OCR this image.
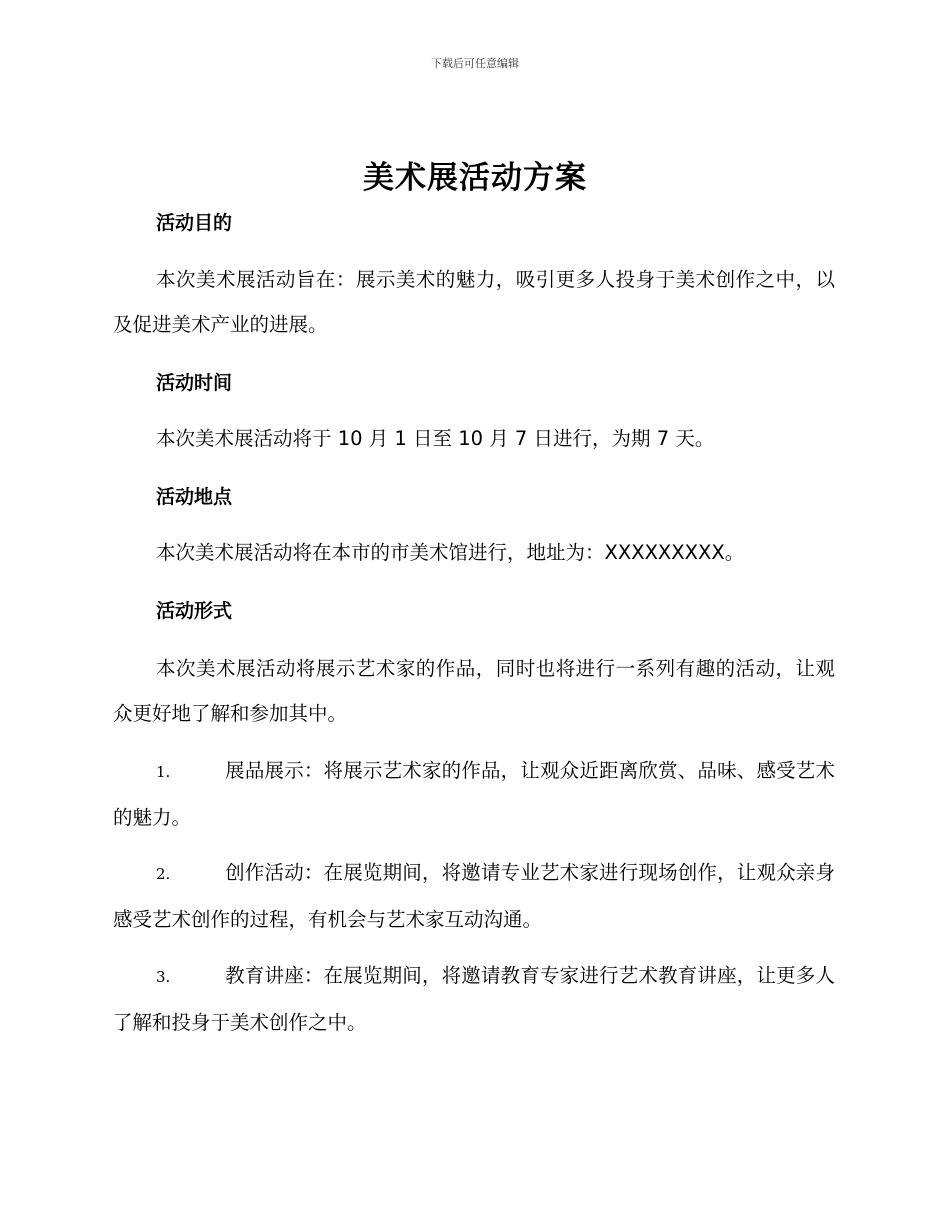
下载后可任意编辑
美术展活动方案
活动目的

本次美术展活动旨在：展示美术的魅力，吸引更多人投身于美术创作之中，以及促进美术产业的进展。

活动时间

本次美术展活动将于 10 月 1 日至 10 月 7 日进行，为期 7 天。

活动地点

本次美术展活动将在本市的市美术馆进行，地址为：XXXXXXXXX。

活动形式

本次美术展活动将展示艺术家的作品，同时也将进行一系列有趣的活动，让观众更好地了解和参加其中。

1.	展品展示：将展示艺术家的作品，让观众近距离欣赏、品味、感受艺术的魅力。

2.	创作活动：在展览期间，将邀请专业艺术家进行现场创作，让观众亲身感受艺术创作的过程，有机会与艺术家互动沟通。

3.	教育讲座：在展览期间，将邀请教育专家进行艺术教育讲座，让更多人了解和投身于美术创作之中。
